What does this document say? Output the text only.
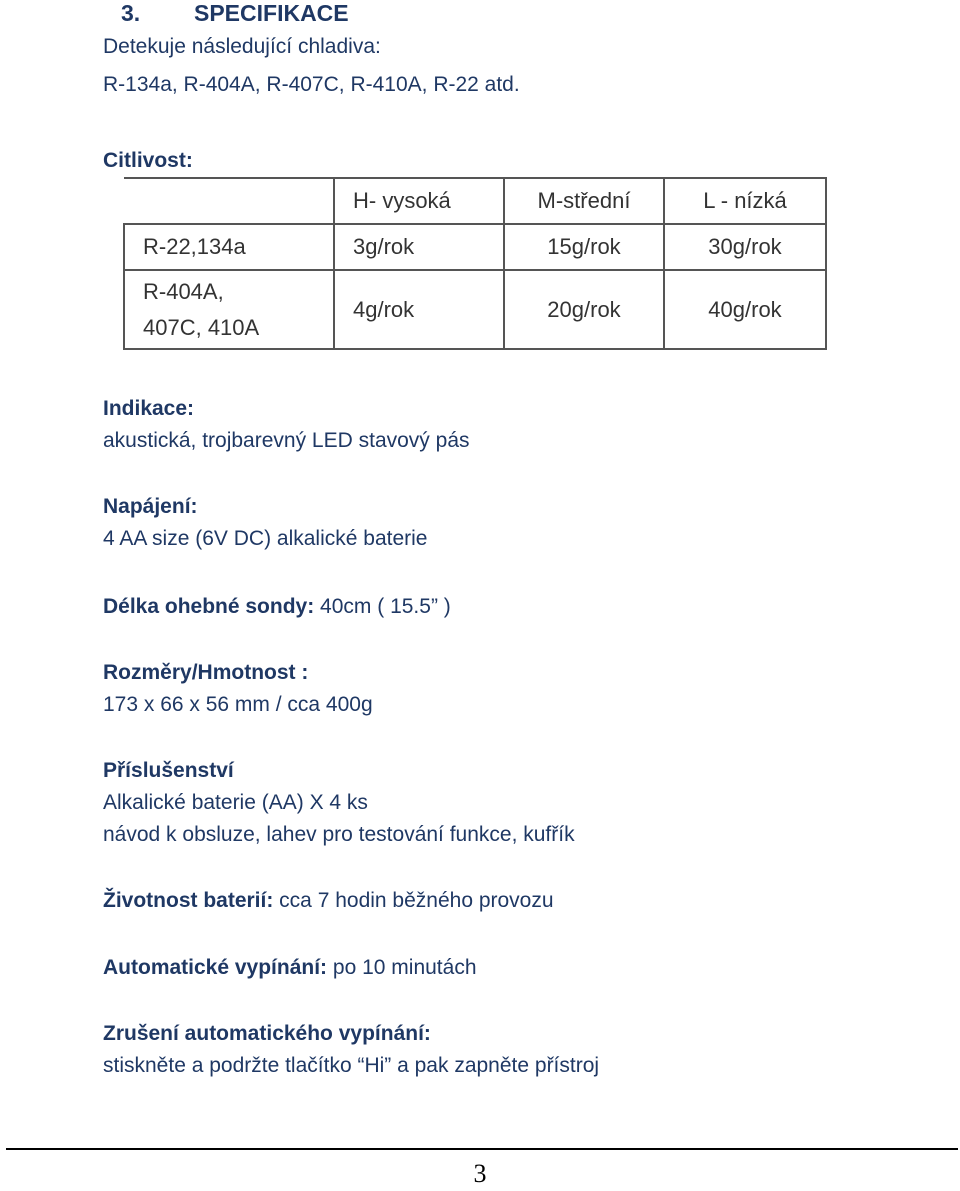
3. SPECIFIKACE
Detekuje následující chladiva:
R-134a, R-404A, R-407C, R-410A, R-22 atd.
Citlivost:
	H- vysoká	M-střední	L - nízká
R-22,134a	3g/rok	15g/rok	30g/rok

R-404A,
407C, 410A	4g/rok	20g/rok	40g/rok
Indikace:
akustická, trojbarevný LED stavový pás
Napájení:
4 AA size (6V DC) alkalické baterie
Délka ohebné sondy: 40cm ( 15.5” )
Rozměry/Hmotnost :
173 x 66 x 56 mm / cca 400g
Příslušenství
Alkalické baterie (AA) X 4 ks
návod k obsluze, lahev pro testování funkce, kufřík
Životnost baterií: cca 7 hodin běžného provozu
Automatické vypínání: po 10 minutách
Zrušení automatického vypínání:
stiskněte a podržte tlačítko “Hi” a pak zapněte přístroj
3
